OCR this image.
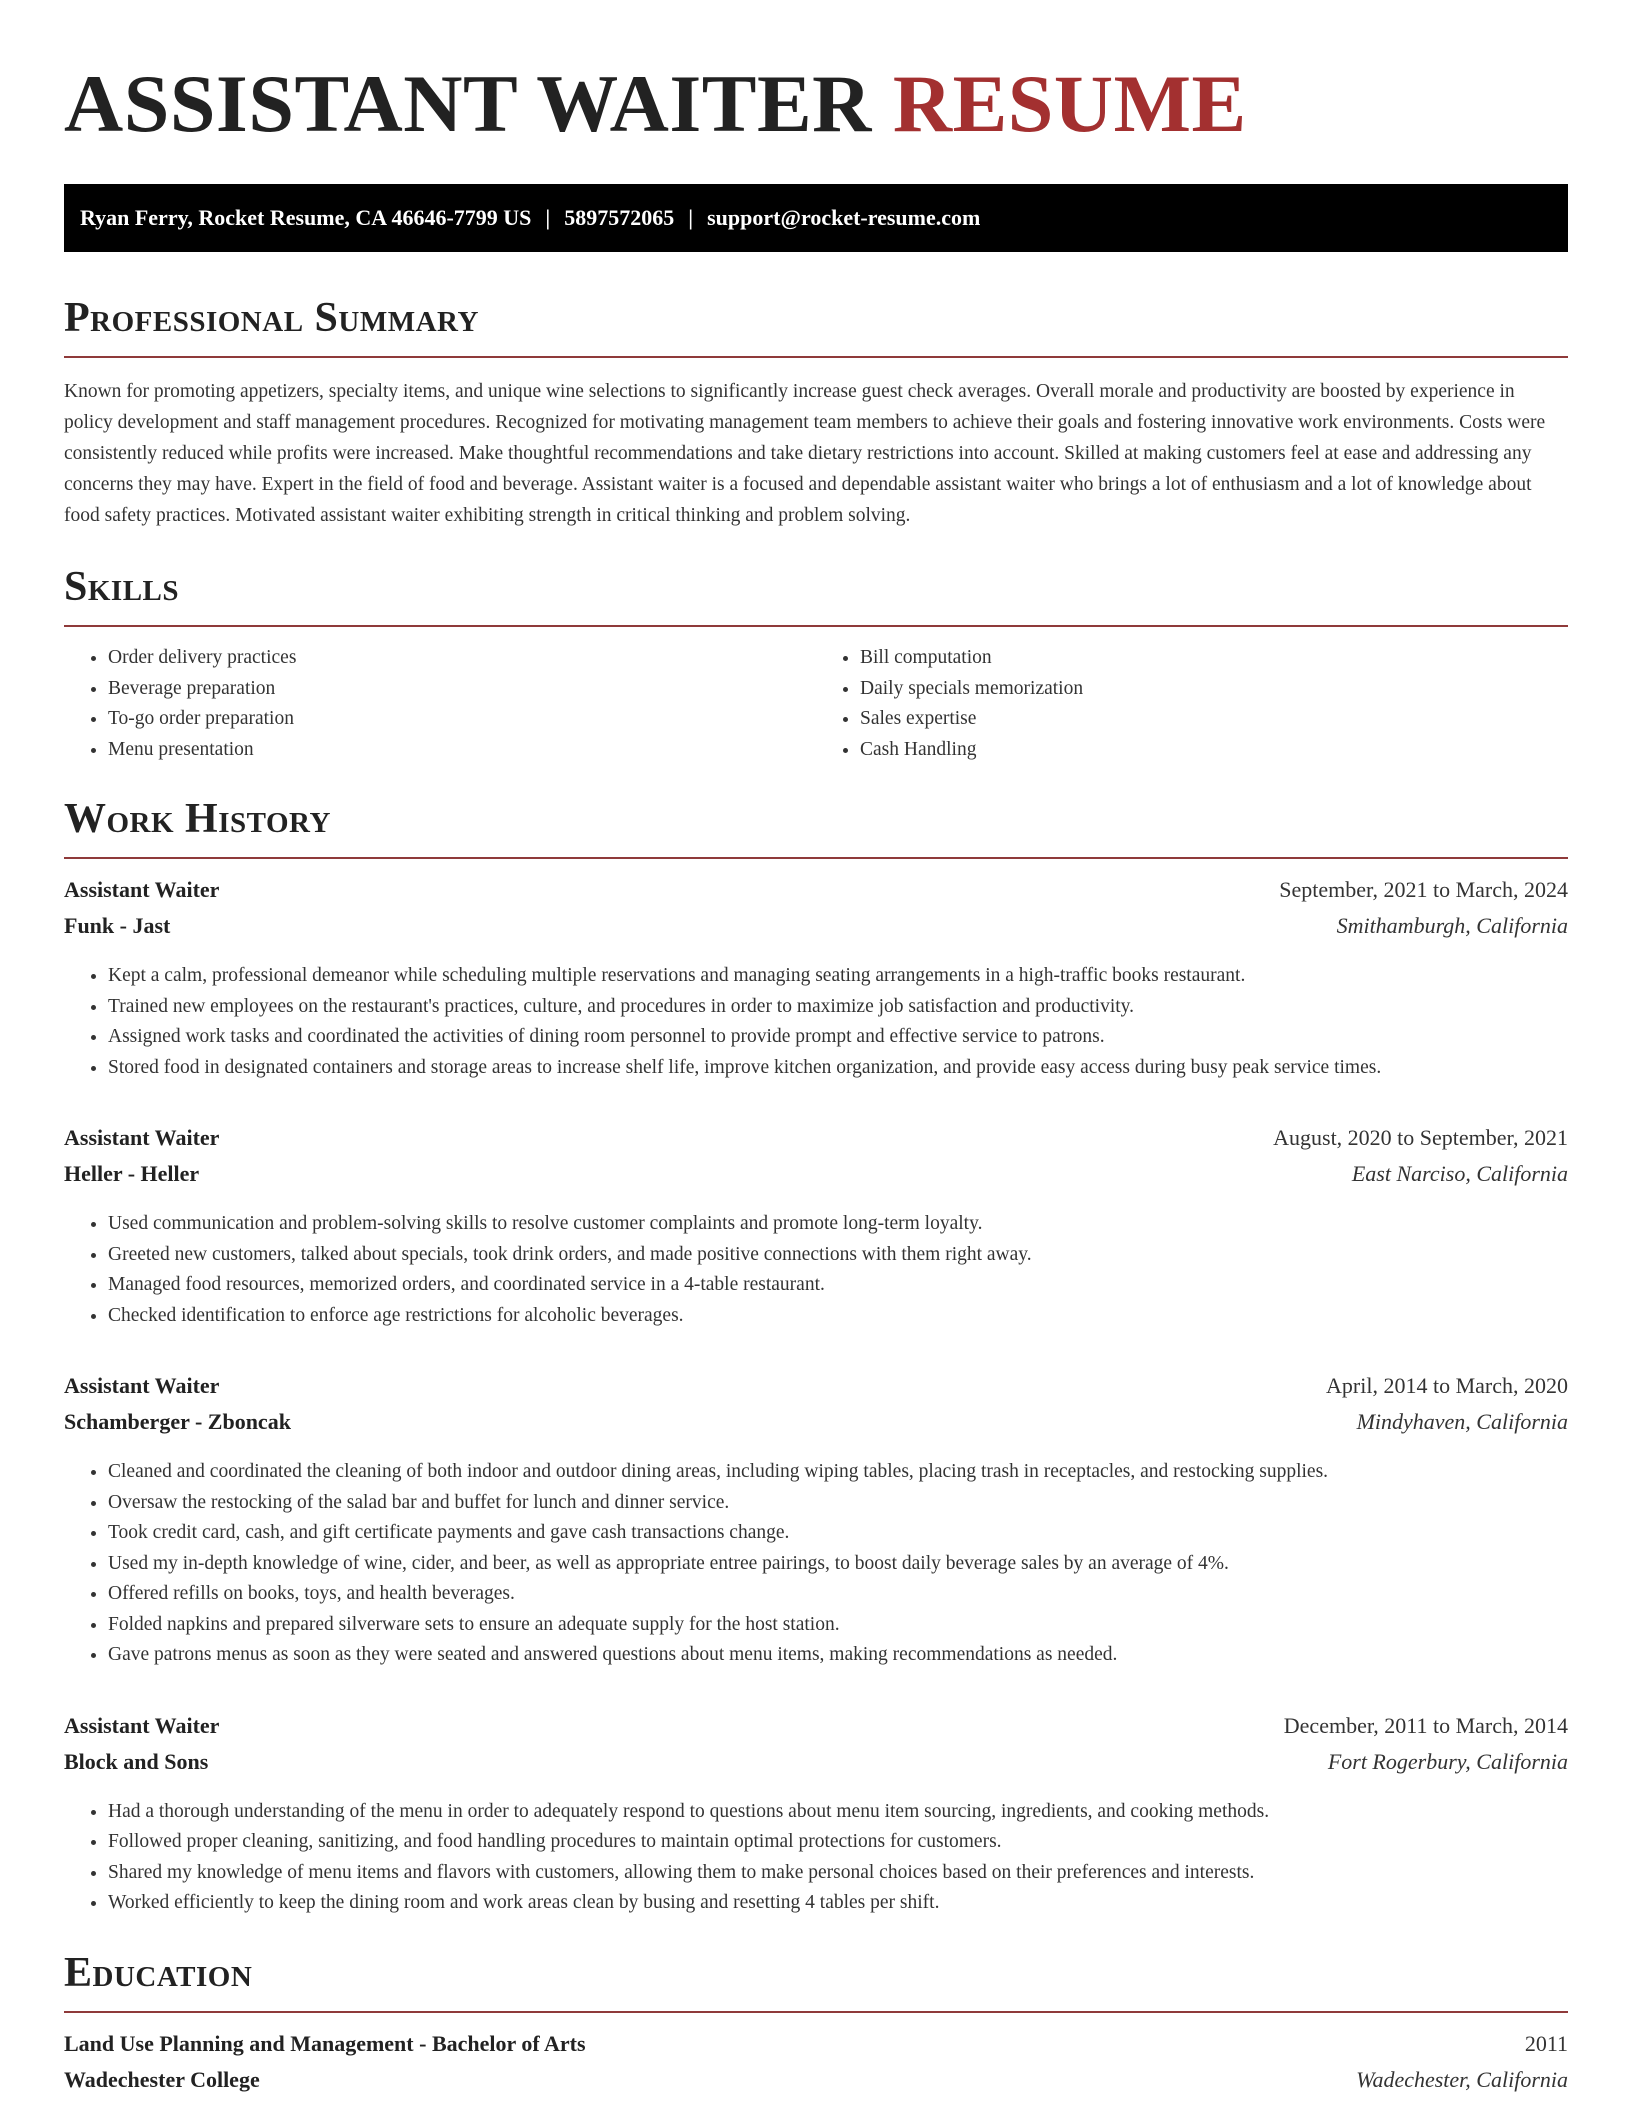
ASSISTANT WAITER RESUME
Ryan Ferry, Rocket Resume, CA 46646-7799 US | 5897572065 | support@rocket-resume.com
Professional Summary

Known for promoting appetizers, specialty items, and unique wine selections to significantly increase guest check averages. Overall morale and productivity are boosted by experience in policy development and staff management procedures. Recognized for motivating management team members to achieve their goals and fostering innovative work environments. Costs were consistently reduced while profits were increased. Make thoughtful recommendations and take dietary restrictions into account. Skilled at making customers feel at ease and addressing any concerns they may have. Expert in the field of food and beverage. Assistant waiter is a focused and dependable assistant waiter who brings a lot of enthusiasm and a lot of knowledge about food safety practices. Motivated assistant waiter exhibiting strength in critical thinking and problem solving.

Skills
• Order delivery practices
• Beverage preparation
• To-go order preparation
• Menu presentation
• Bill computation
• Daily specials memorization
• Sales expertise
• Cash Handling
Work History
Assistant Waiter	September, 2021 to March, 2024
Funk - Jast	Smithamburgh, California
• Kept a calm, professional demeanor while scheduling multiple reservations and managing seating arrangements in a high-traffic books restaurant.
• Trained new employees on the restaurant's practices, culture, and procedures in order to maximize job satisfaction and productivity.
• Assigned work tasks and coordinated the activities of dining room personnel to provide prompt and effective service to patrons.
• Stored food in designated containers and storage areas to increase shelf life, improve kitchen organization, and provide easy access during busy peak service times.
Assistant Waiter	August, 2020 to September, 2021
Heller - Heller	East Narciso, California
• Used communication and problem-solving skills to resolve customer complaints and promote long-term loyalty.
• Greeted new customers, talked about specials, took drink orders, and made positive connections with them right away.
• Managed food resources, memorized orders, and coordinated service in a 4-table restaurant.
• Checked identification to enforce age restrictions for alcoholic beverages.
Assistant Waiter	April, 2014 to March, 2020
Schamberger - Zboncak	Mindyhaven, California
• Cleaned and coordinated the cleaning of both indoor and outdoor dining areas, including wiping tables, placing trash in receptacles, and restocking supplies.
• Oversaw the restocking of the salad bar and buffet for lunch and dinner service.
• Took credit card, cash, and gift certificate payments and gave cash transactions change.
• Used my in-depth knowledge of wine, cider, and beer, as well as appropriate entree pairings, to boost daily beverage sales by an average of 4%.
• Offered refills on books, toys, and health beverages.
• Folded napkins and prepared silverware sets to ensure an adequate supply for the host station.
• Gave patrons menus as soon as they were seated and answered questions about menu items, making recommendations as needed.
Assistant Waiter	December, 2011 to March, 2014
Block and Sons	Fort Rogerbury, California
• Had a thorough understanding of the menu in order to adequately respond to questions about menu item sourcing, ingredients, and cooking methods.
• Followed proper cleaning, sanitizing, and food handling procedures to maintain optimal protections for customers.
• Shared my knowledge of menu items and flavors with customers, allowing them to make personal choices based on their preferences and interests.
• Worked efficiently to keep the dining room and work areas clean by busing and resetting 4 tables per shift.
Education
Land Use Planning and Management - Bachelor of Arts	2011
Wadechester College	Wadechester, California
